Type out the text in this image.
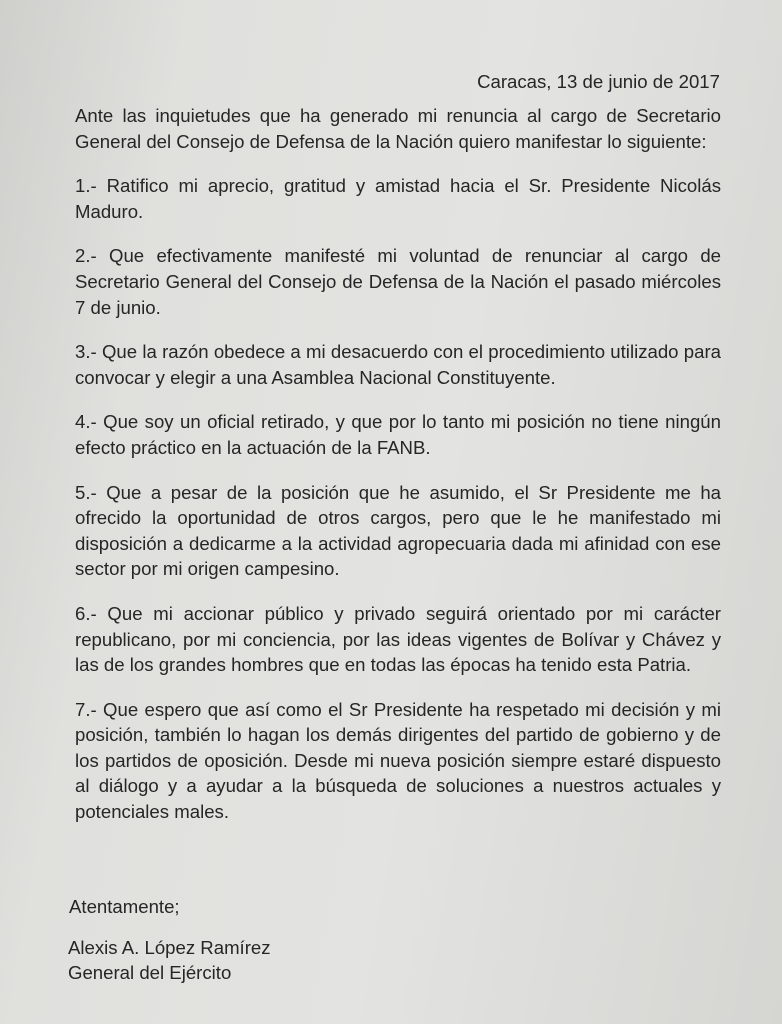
Caracas, 13 de junio de 2017

Ante las inquietudes que ha generado mi renuncia al cargo de Secretario General del Consejo de Defensa de la Nación quiero manifestar lo siguiente:

1.- Ratifico mi aprecio, gratitud y amistad hacia el Sr. Presidente Nicolás Maduro.

2.- Que efectivamente manifesté mi voluntad de renunciar al cargo de Secretario General del Consejo de Defensa de la Nación el pasado miércoles 7 de junio.

3.- Que la razón obedece a mi desacuerdo con el procedimiento utilizado para convocar y elegir a una Asamblea Nacional Constituyente.

4.- Que soy un oficial retirado, y que por lo tanto mi posición no tiene ningún efecto práctico en la actuación de la FANB.

5.- Que a pesar de la posición que he asumido, el Sr Presidente me ha ofrecido la oportunidad de otros cargos, pero que le he manifestado mi disposición a dedicarme a la actividad agropecuaria dada mi afinidad con ese sector por mi origen campesino.

6.- Que mi accionar público y privado seguirá orientado por mi carácter republicano, por mi conciencia, por las ideas vigentes de Bolívar y Chávez y las de los grandes hombres que en todas las épocas ha tenido esta Patria.

7.- Que espero que así como el Sr Presidente ha respetado mi decisión y mi posición, también lo hagan los demás dirigentes del partido de gobierno y de los partidos de oposición. Desde mi nueva posición siempre estaré dispuesto al diálogo y a ayudar a la búsqueda de soluciones a nuestros actuales y potenciales males.

Atentamente;
Alexis A. López Ramírez
General del Ejército
